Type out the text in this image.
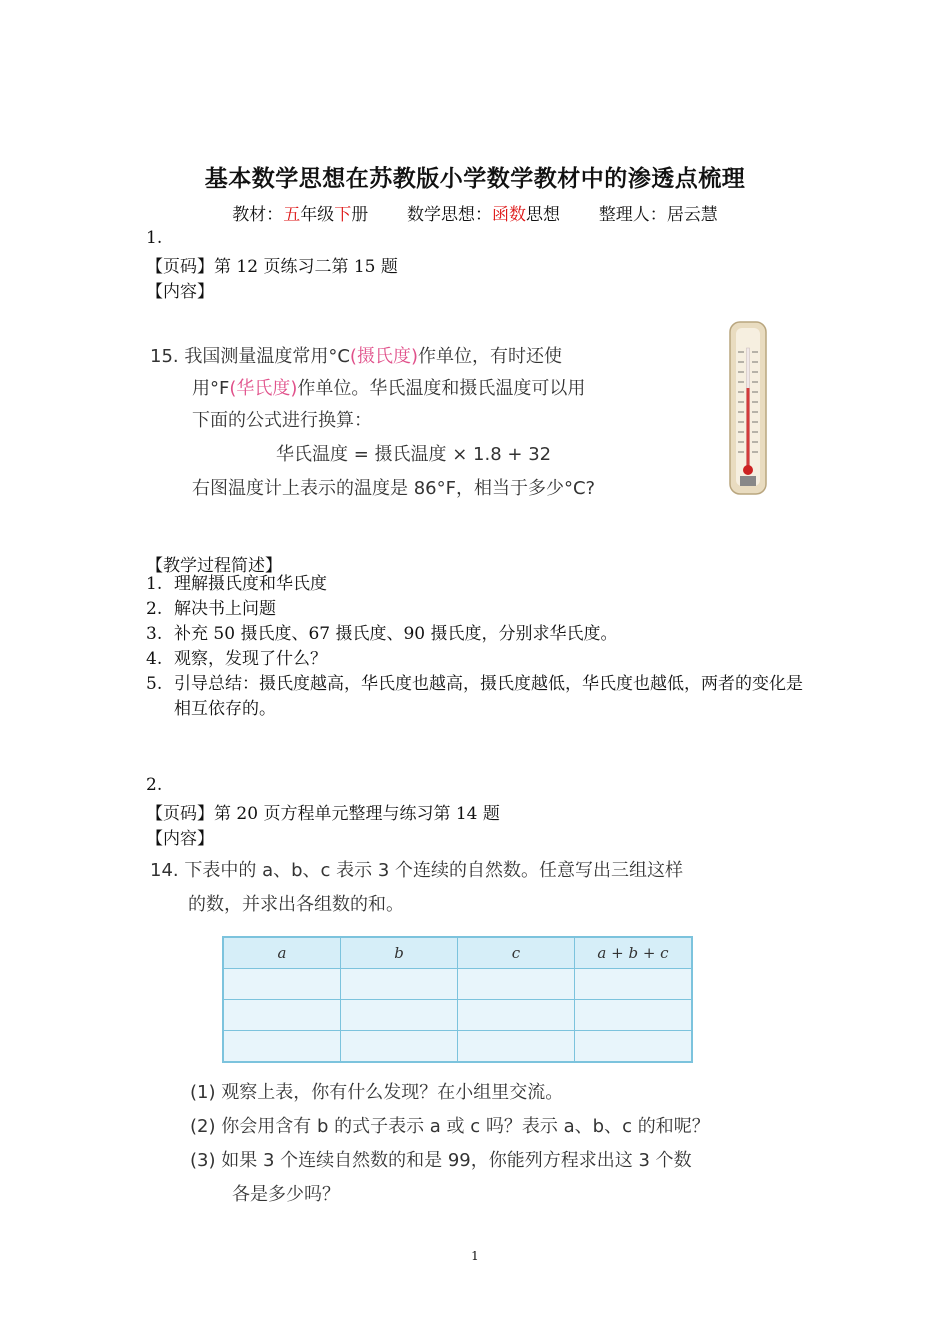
基本数学思想在苏教版小学数学教材中的渗透点梳理
教材：五年级下册 数学思想：函数思想 整理人：居云慧
1.
【页码】第 12 页练习二第 15 题
【内容】
15. 我国测量温度常用°C(摄氏度)作单位，有时还使
用°F(华氏度)作单位。华氏温度和摄氏温度可以用
下面的公式进行换算：
华氏温度 = 摄氏温度 × 1.8 + 32
右图温度计上表示的温度是 86°F，相当于多少°C?
【教学过程简述】
1. 理解摄氏度和华氏度
2. 解决书上问题
3. 补充 50 摄氏度、67 摄氏度、90 摄氏度，分别求华氏度。
4. 观察，发现了什么？
5. 引导总结：摄氏度越高，华氏度也越高，摄氏度越低，华氏度也越低，两者的变化是相互依存的。
2.
【页码】第 20 页方程单元整理与练习第 14 题
【内容】
14. 下表中的 a、b、c 表示 3 个连续的自然数。任意写出三组这样
的数，并求出各组数的和。
(1) 观察上表，你有什么发现？在小组里交流。
(2) 你会用含有 b 的式子表示 a 或 c 吗？表示 a、b、c 的和呢？
(3) 如果 3 个连续自然数的和是 99，你能列方程求出这 3 个数
各是多少吗？
a	b	c	a + b + c

1
